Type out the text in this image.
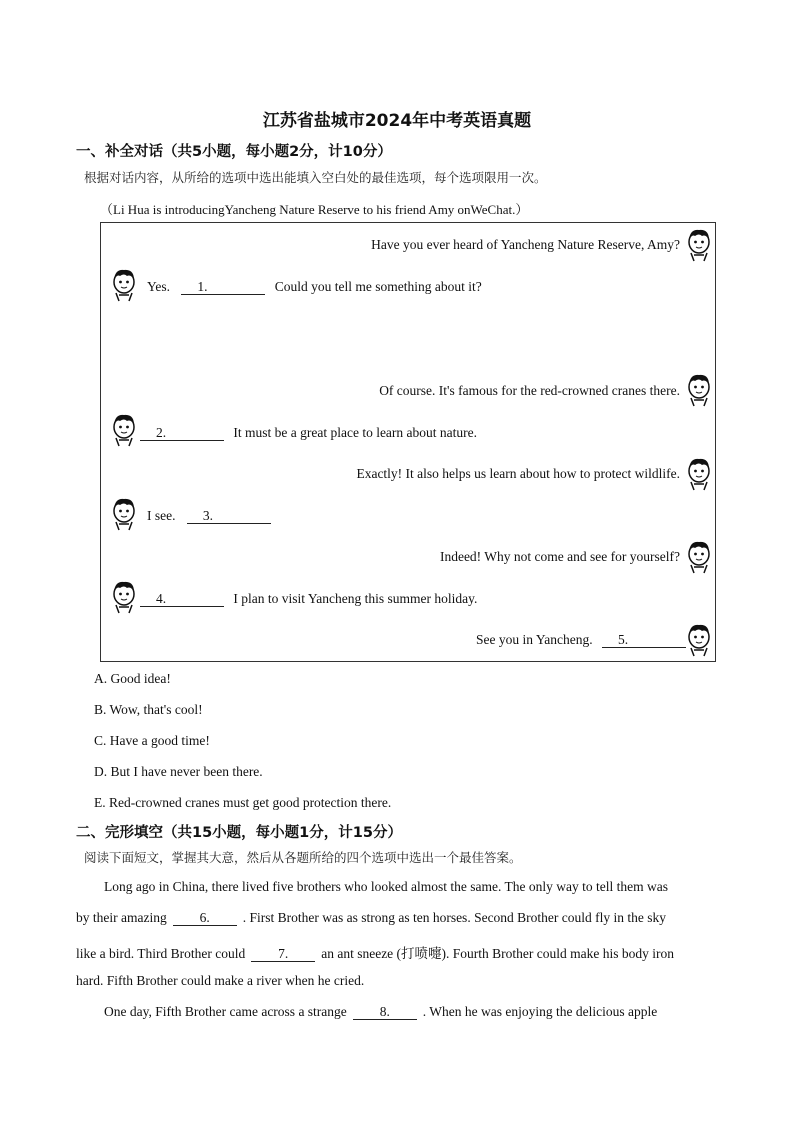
江苏省盐城市2024年中考英语真题
一、补全对话（共5小题，每小题2分，计10分）
根据对话内容，从所给的选项中选出能填入空白处的最佳选项，每个选项限用一次。
（Li Hua is introducingYancheng Nature Reserve to his friend Amy onWeChat.）
Have you ever heard of Yancheng Nature Reserve, Amy?
Yes. 1.	Could you tell me something about it?
Of course. It's famous for the red-crowned cranes there.
2.	It must be a great place to learn about nature.
Exactly! It also helps us learn about how to protect wildlife.
I see. 3.
Indeed! Why not come and see for yourself?
4.	I plan to visit Yancheng this summer holiday.
See you in Yancheng. 5.
A. Good idea!
B. Wow, that's cool!
C. Have a good time!
D. But I have never been there.
E. Red-crowned cranes must get good protection there.
二、完形填空（共15小题，每小题1分，计15分）
阅读下面短文，掌握其大意，然后从各题所给的四个选项中选出一个最佳答案。
Long ago in China, there lived five brothers who looked almost the same. The only way to tell them was
by their amazing 6. . First Brother was as strong as ten horses. Second Brother could fly in the sky
like a bird. Third Brother could 7. an ant sneeze (打喷嚏). Fourth Brother could make his body iron
hard. Fifth Brother could make a river when he cried.
One day, Fifth Brother came across a strange 8. . When he was enjoying the delicious apple
